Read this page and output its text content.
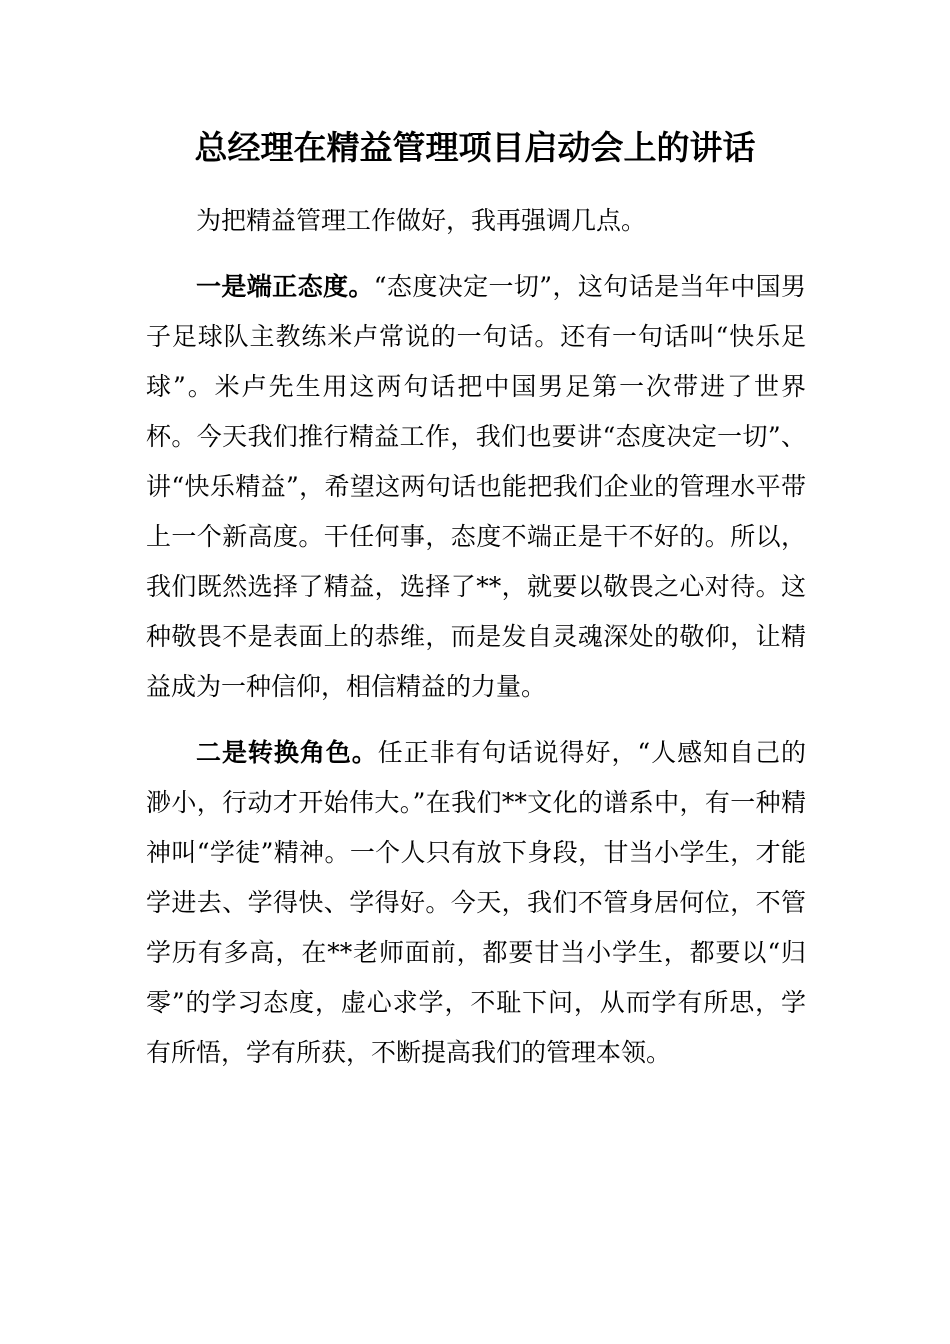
总经理在精益管理项目启动会上的讲话

为把精益管理工作做好，我再强调几点。

一是端正态度。“态度决定一切”，这句话是当年中国男子足球队主教练米卢常说的一句话。还有一句话叫“快乐足球”。米卢先生用这两句话把中国男足第一次带进了世界杯。今天我们推行精益工作，我们也要讲“态度决定一切”、讲“快乐精益”，希望这两句话也能把我们企业的管理水平带上一个新高度。干任何事，态度不端正是干不好的。所以，我们既然选择了精益，选择了**，就要以敬畏之心对待。这种敬畏不是表面上的恭维，而是发自灵魂深处的敬仰，让精益成为一种信仰，相信精益的力量。

二是转换角色。任正非有句话说得好，“人感知自己的渺小，行动才开始伟大。”在我们**文化的谱系中，有一种精神叫“学徒”精神。一个人只有放下身段，甘当小学生，才能学进去、学得快、学得好。今天，我们不管身居何位，不管学历有多高，在**老师面前，都要甘当小学生，都要以“归零”的学习态度，虚心求学，不耻下问，从而学有所思，学有所悟，学有所获，不断提高我们的管理本领。
